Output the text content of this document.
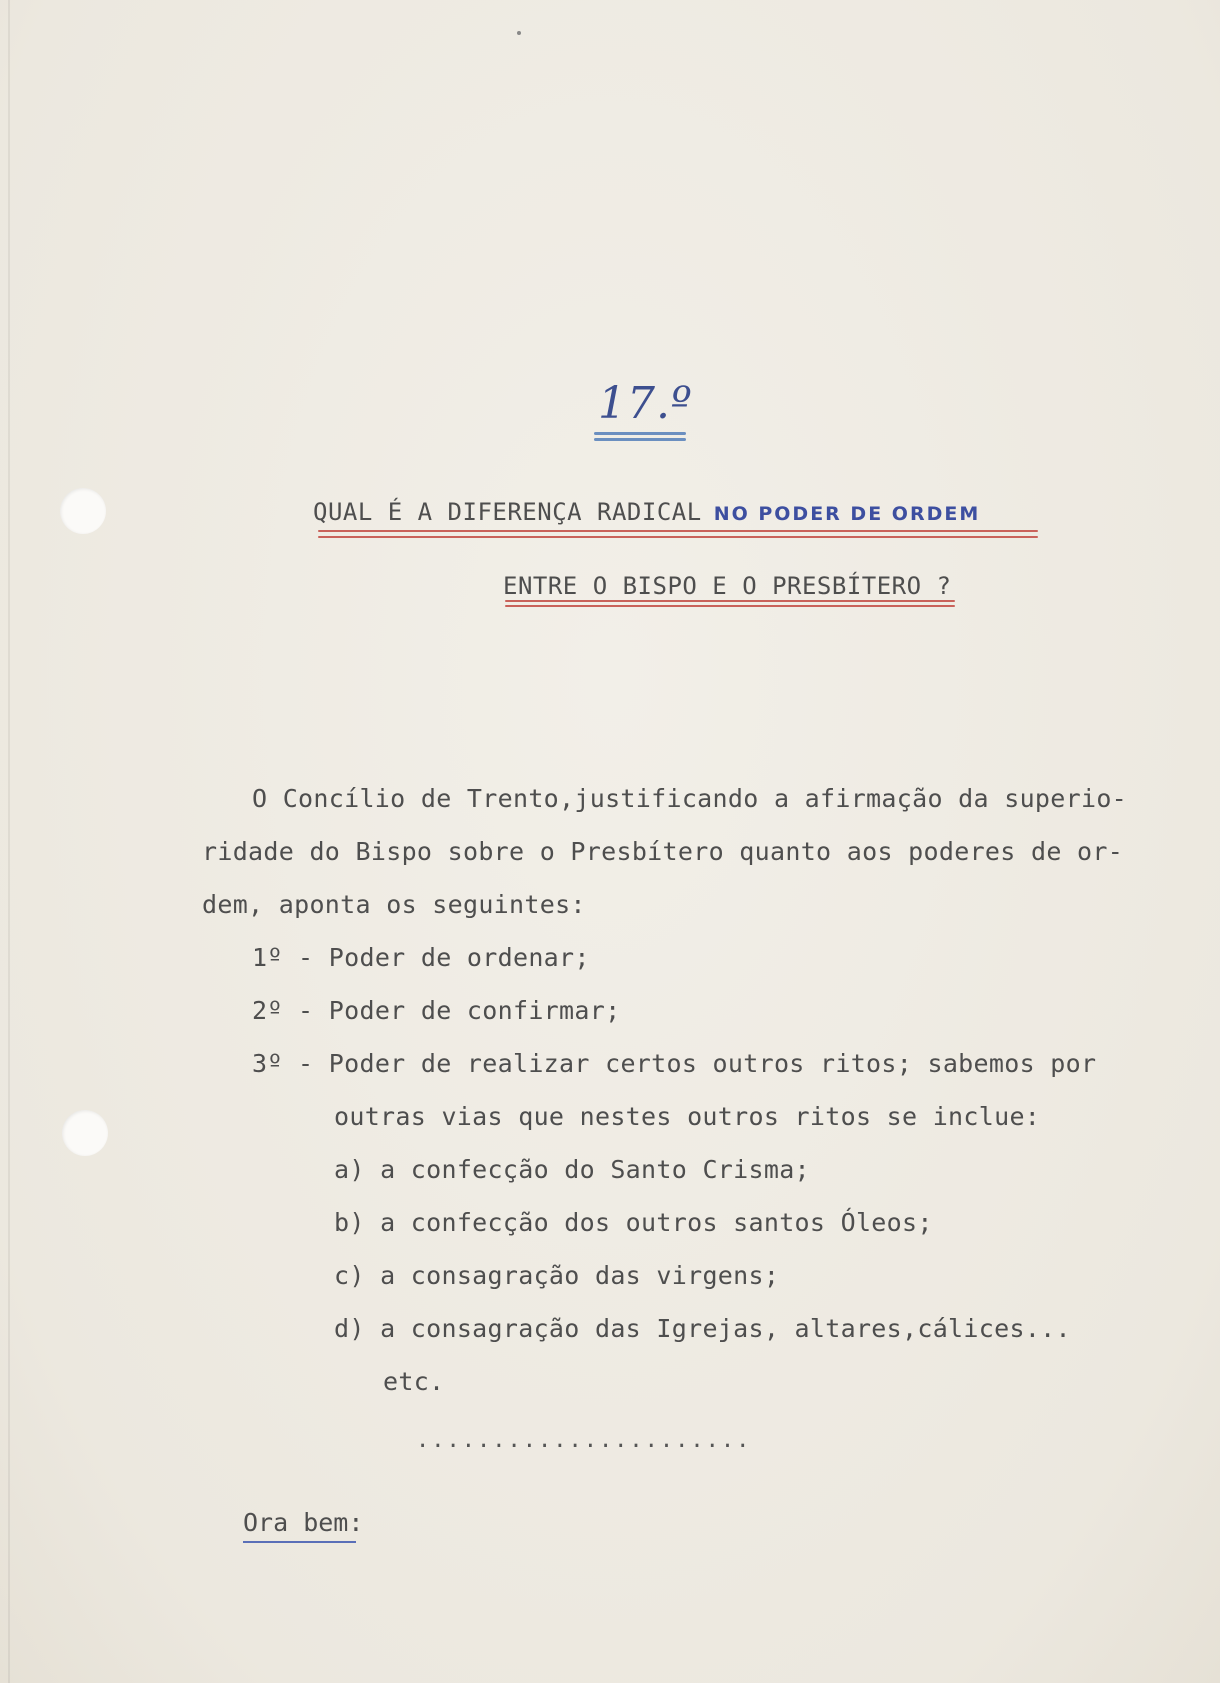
17.º
QUAL É A DIFERENÇA RADICAL NO PODER DE ORDEM
ENTRE O BISPO E O PRESBÍTERO ?
O Concílio de Trento,justificando a afirmação da superio-
ridade do Bispo sobre o Presbítero quanto aos poderes de or-
dem, aponta os seguintes:
1º - Poder de ordenar;
2º - Poder de confirmar;
3º - Poder de realizar certos outros ritos; sabemos por
outras vias que nestes outros ritos se inclue:
a) a confecção do Santo Crisma;
b) a confecção dos outros santos Óleos;
c) a consagração das virgens;
d) a consagração das Igrejas, altares,cálices...
etc.
......................
Ora bem:
